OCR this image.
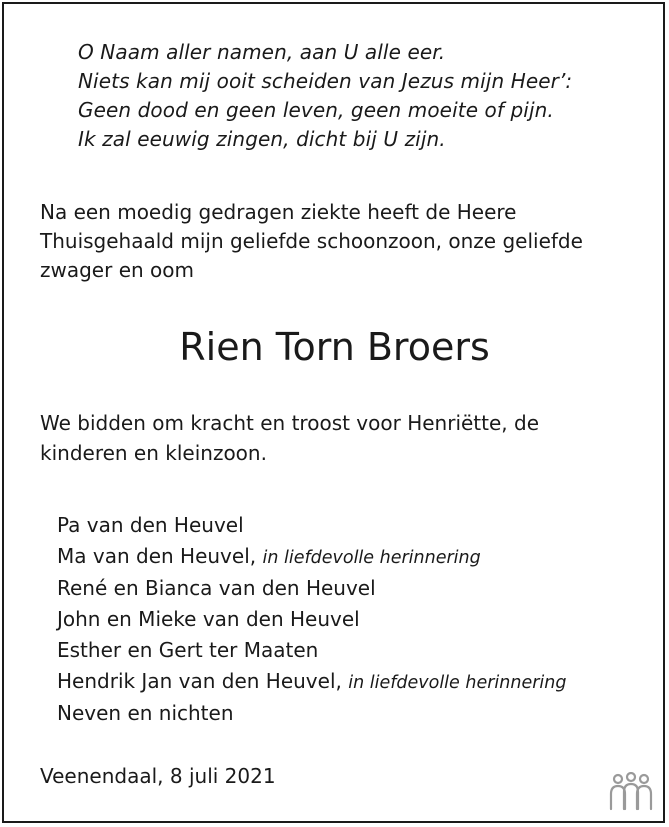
O Naam aller namen, aan U alle eer.
Niets kan mij ooit scheiden van Jezus mijn Heer’:
Geen dood en geen leven, geen moeite of pijn.
Ik zal eeuwig zingen, dicht bij U zijn.
Na een moedig gedragen ziekte heeft de Heere
Thuisgehaald mijn geliefde schoonzoon, onze geliefde
zwager en oom
Rien Torn Broers
We bidden om kracht en troost voor Henriëtte, de
kinderen en kleinzoon.
Pa van den Heuvel
Ma van den Heuvel, in liefdevolle herinnering
René en Bianca van den Heuvel
John en Mieke van den Heuvel
Esther en Gert ter Maaten
Hendrik Jan van den Heuvel, in liefdevolle herinnering
Neven en nichten
Veenendaal, 8 juli 2021
